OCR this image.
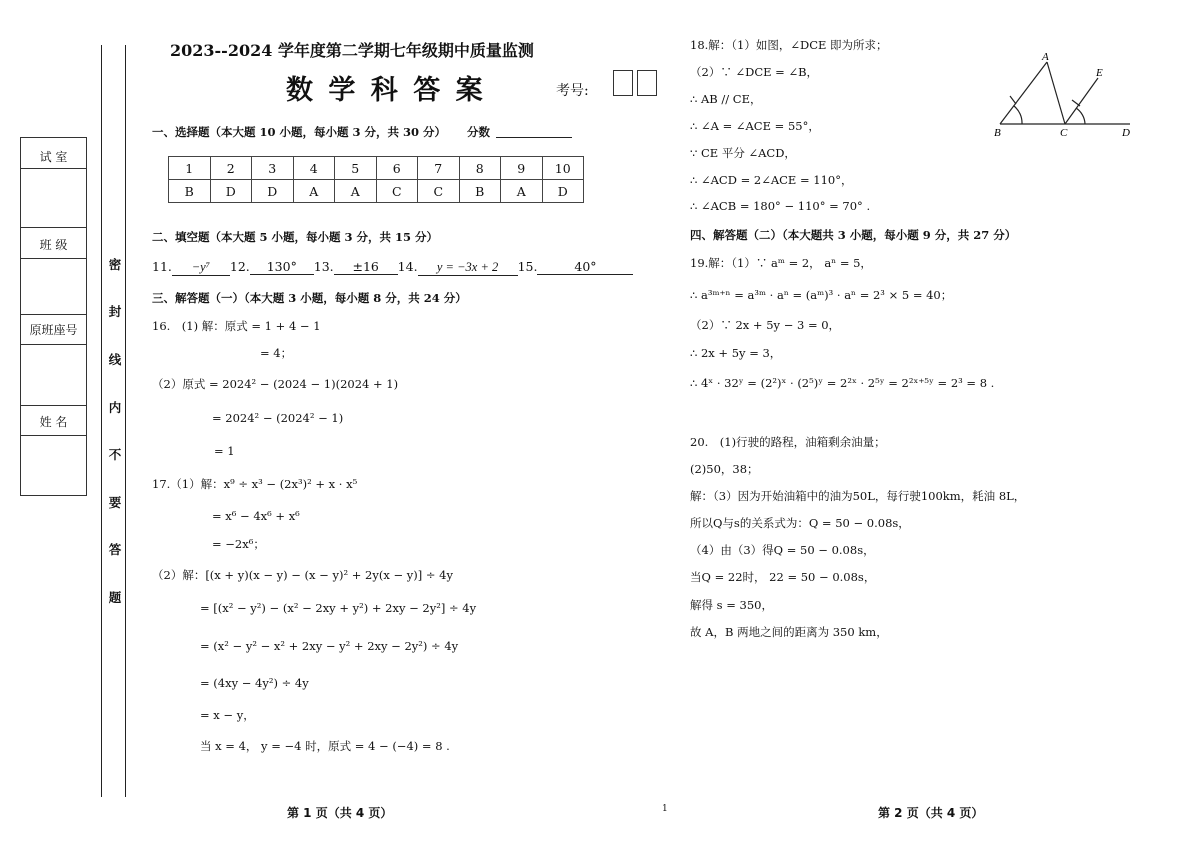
试 室
班 级
原班座号
姓 名
密
封
线
内
不
要
答
题
2023--2024 学年度第二学期七年级期中质量监测
数 学 科 答 案	考号:
一、选择题（本大题 10 小题，每小题 3 分，共 30 分） 分数
1	2	3	4	5	6	7	8	9	10
B	D	D	A	A	C	C	B	A	D
二、填空题（本大题 5 小题，每小题 3 分，共 15 分）
11. −y⁷ 12. 130° 13. ±16 14. y = −3x + 2 15.	40°
三、解答题（一）（本大题 3 小题，每小题 8 分，共 24 分）
16.　(1) 解：原式 = 1 + 4 − 1
= 4；
（2）原式 = 2024² − (2024 − 1)(2024 + 1)
= 2024² − (2024² − 1)
= 1
17.（1）解：x⁹ ÷ x³ − (2x³)² + x · x⁵
= x⁶ − 4x⁶ + x⁶
= −2x⁶；
（2）解：[(x + y)(x − y) − (x − y)² + 2y(x − y)] ÷ 4y
= [(x² − y²) − (x² − 2xy + y²) + 2xy − 2y²] ÷ 4y
= (x² − y² − x² + 2xy − y² + 2xy − 2y²) ÷ 4y
= (4xy − 4y²) ÷ 4y
= x − y，
当 x = 4， y = −4 时，原式 = 4 − (−4) = 8 .
18.解：（1）如图，∠DCE 即为所求；
（2）∵ ∠DCE = ∠B，
∴ AB // CE，
∴ ∠A = ∠ACE = 55°，
∵ CE 平分 ∠ACD，
∴ ∠ACD = 2∠ACE = 110°，
∴ ∠ACB = 180° − 110° = 70° .
A
B	C	D
E
四、解答题（二）（本大题共 3 小题，每小题 9 分，共 27 分）
19.解：（1）∵ aᵐ = 2， aⁿ = 5，
∴ a³ᵐ⁺ⁿ = a³ᵐ · aⁿ = (aᵐ)³ · aⁿ = 2³ × 5 = 40；
（2）∵ 2x + 5y − 3 = 0，
∴ 2x + 5y = 3，
∴ 4ˣ · 32ʸ = (2²)ˣ · (2⁵)ʸ = 2²ˣ · 2⁵ʸ = 2²ˣ⁺⁵ʸ = 2³ = 8 .
20.　(1)行驶的路程，油箱剩余油量；
(2)50，38；
解：（3）因为开始油箱中的油为50L，每行驶100km，耗油 8L，
所以Q与s的关系式为：Q = 50 − 0.08s，
（4）由（3）得Q = 50 − 0.08s，
当Q = 22时， 22 = 50 − 0.08s，
解得 s = 350，
故 A，B 两地之间的距离为 350 km，
第 1 页（共 4 页）	1	第 2 页（共 4 页）
